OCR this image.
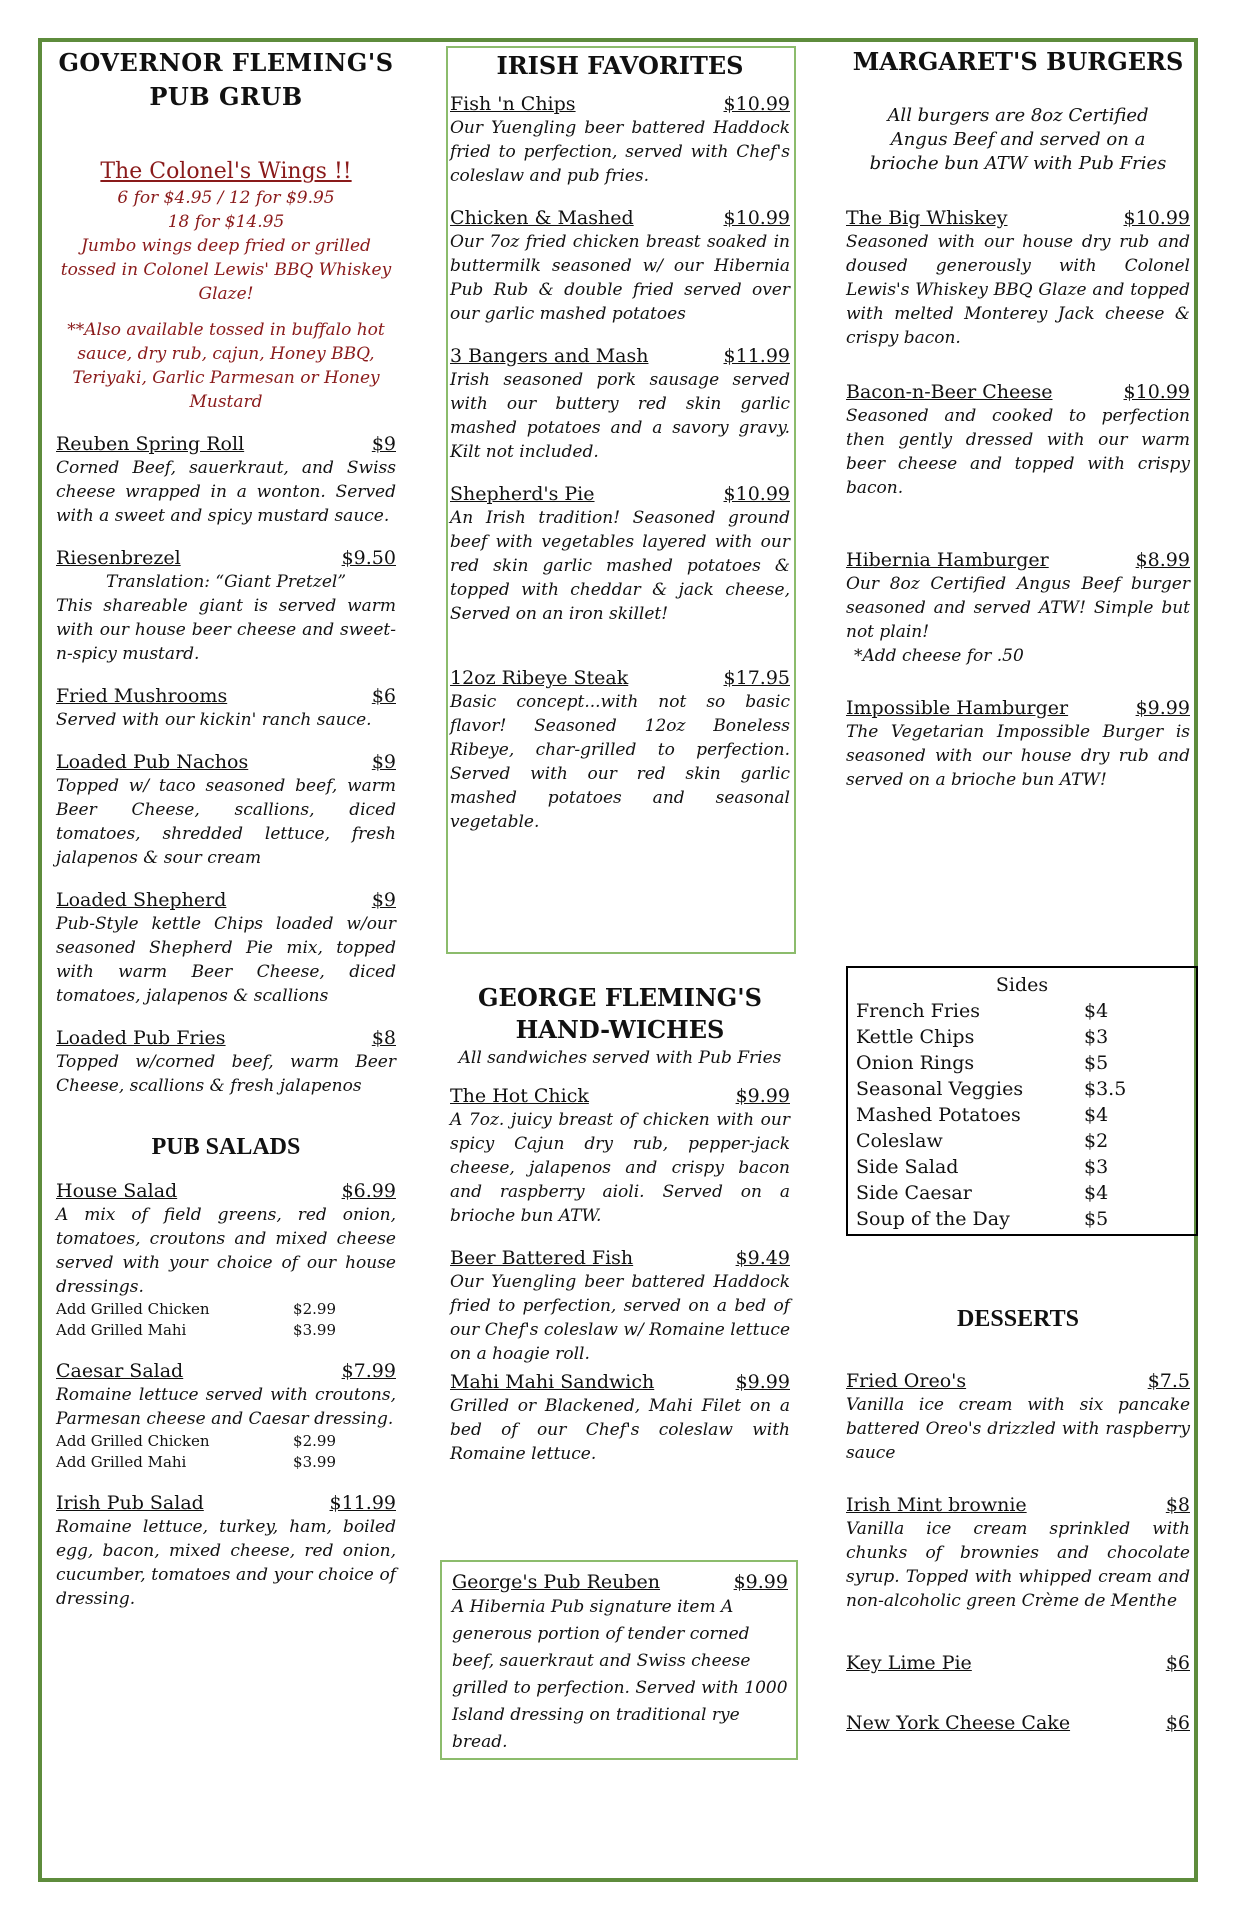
GOVERNOR FLEMING'S PUB GRUB
The Colonel's Wings !!
6 for $4.95 / 12 for $9.95
18 for $14.95
Jumbo wings deep fried or grilled tossed in Colonel Lewis' BBQ Whiskey Glaze!
**Also available tossed in buffalo hot sauce, dry rub, cajun, Honey BBQ, Teriyaki, Garlic Parmesan or Honey Mustard
Reuben Spring Roll	$9
Corned Beef, sauerkraut, and Swiss cheese wrapped in a wonton. Served with a sweet and spicy mustard sauce.
Riesenbrezel	$9.50
Translation: “Giant Pretzel”
This shareable giant is served warm with our house beer cheese and sweet-n-spicy mustard.
Fried Mushrooms	$6
Served with our kickin' ranch sauce.
Loaded Pub Nachos	$9
Topped w/ taco seasoned beef, warm Beer Cheese, scallions, diced tomatoes, shredded lettuce, fresh jalapenos & sour cream
Loaded Shepherd	$9
Pub-Style kettle Chips loaded w/our seasoned Shepherd Pie mix, topped with warm Beer Cheese, diced tomatoes, jalapenos & scallions
Loaded Pub Fries	$8
Topped w/corned beef, warm Beer Cheese, scallions & fresh jalapenos
PUB SALADS
House Salad	$6.99
A mix of field greens, red onion, tomatoes, croutons and mixed cheese served with your choice of our house dressings.
Add Grilled Chicken	$2.99
Add Grilled Mahi	$3.99
Caesar Salad	$7.99
Romaine lettuce served with croutons, Parmesan cheese and Caesar dressing.
Add Grilled Chicken	$2.99
Add Grilled Mahi	$3.99
Irish Pub Salad	$11.99
Romaine lettuce, turkey, ham, boiled egg, bacon, mixed cheese, red onion, cucumber, tomatoes and your choice of dressing.
IRISH FAVORITES
Fish 'n Chips	$10.99
Our Yuengling beer battered Haddock fried to perfection, served with Chef's coleslaw and pub fries.
Chicken & Mashed	$10.99
Our 7oz fried chicken breast soaked in buttermilk seasoned w/ our Hibernia Pub Rub & double fried served over our garlic mashed potatoes
3 Bangers and Mash	$11.99
Irish seasoned pork sausage served with our buttery red skin garlic mashed potatoes and a savory gravy. Kilt not included.
Shepherd's Pie	$10.99
An Irish tradition! Seasoned ground beef with vegetables layered with our red skin garlic mashed potatoes & topped with cheddar & jack cheese, Served on an iron skillet!
12oz Ribeye Steak	$17.95
Basic concept...with not so basic flavor! Seasoned 12oz Boneless Ribeye, char-grilled to perfection. Served with our red skin garlic mashed potatoes and seasonal vegetable.
GEORGE FLEMING'S
HAND-WICHES
All sandwiches served with Pub Fries
The Hot Chick	$9.99
A 7oz. juicy breast of chicken with our spicy Cajun dry rub, pepper-jack cheese, jalapenos and crispy bacon and raspberry aioli. Served on a brioche bun ATW.
Beer Battered Fish	$9.49
Our Yuengling beer battered Haddock fried to perfection, served on a bed of our Chef's coleslaw w/ Romaine lettuce on a hoagie roll.
Mahi Mahi Sandwich	$9.99
Grilled or Blackened, Mahi Filet on a bed of our Chef's coleslaw with Romaine lettuce.
George's Pub Reuben	$9.99
A Hibernia Pub signature item A generous portion of tender corned beef, sauerkraut and Swiss cheese grilled to perfection. Served with 1000 Island dressing on traditional rye bread.
MARGARET'S BURGERS
All burgers are 8oz Certified Angus Beef and served on a brioche bun ATW with Pub Fries
The Big Whiskey	$10.99
Seasoned with our house dry rub and doused generously with Colonel Lewis's Whiskey BBQ Glaze and topped with melted Monterey Jack cheese & crispy bacon.
Bacon-n-Beer Cheese	$10.99
Seasoned and cooked to perfection then gently dressed with our warm beer cheese and topped with crispy bacon.
Hibernia Hamburger	$8.99
Our 8oz Certified Angus Beef burger seasoned and served ATW! Simple but not plain!
*Add cheese for .50
Impossible Hamburger	$9.99
The Vegetarian Impossible Burger is seasoned with our house dry rub and served on a brioche bun ATW!
Sides
French Fries	$4
Kettle Chips	$3
Onion Rings	$5
Seasonal Veggies	$3.5
Mashed Potatoes	$4
Coleslaw	$2
Side Salad	$3
Side Caesar	$4
Soup of the Day	$5
DESSERTS
Fried Oreo's	$7.5
Vanilla ice cream with six pancake battered Oreo's drizzled with raspberry sauce
Irish Mint brownie	$8
Vanilla ice cream sprinkled with chunks of brownies and chocolate syrup. Topped with whipped cream and non-alcoholic green Crème de Menthe
Key Lime Pie	$6
New York Cheese Cake	$6
